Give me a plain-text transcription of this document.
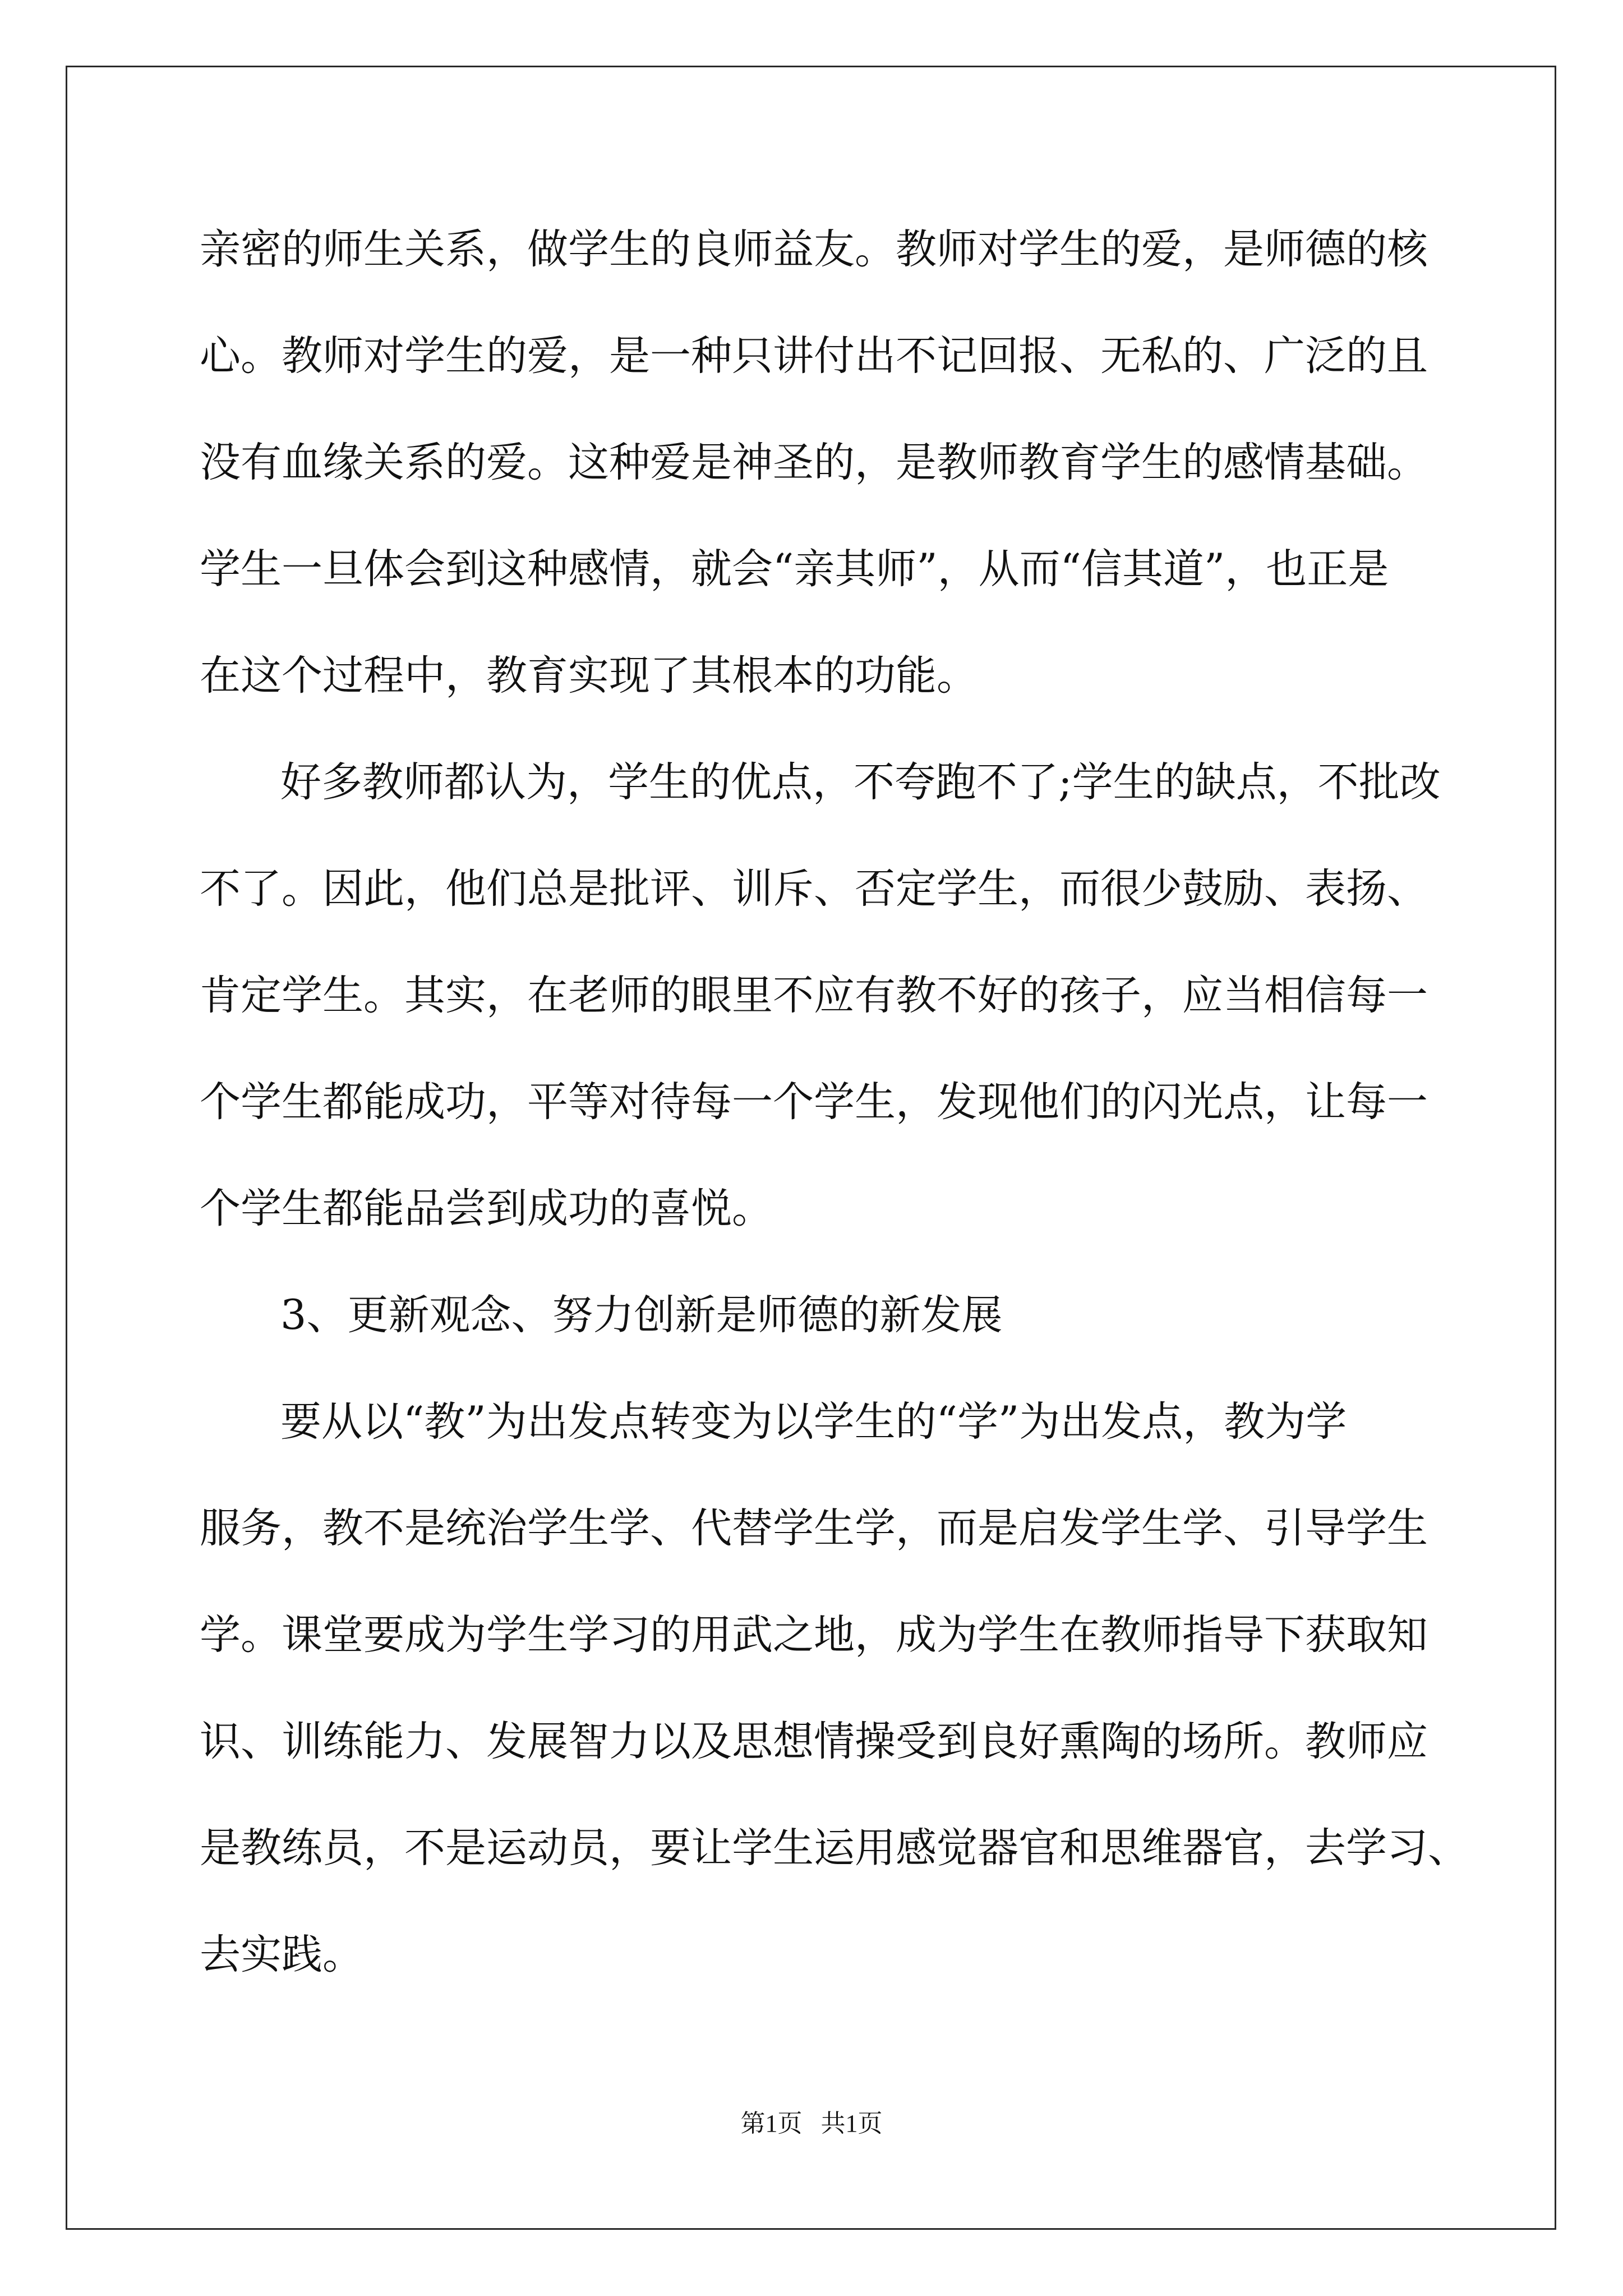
亲密的师生关系，做学生的良师益友。教师对学生的爱，是师德的核
心。教师对学生的爱，是一种只讲付出不记回报、无私的、广泛的且
没有血缘关系的爱。这种爱是神圣的，是教师教育学生的感情基础。
学生一旦体会到这种感情，就会“亲其师”，从而“信其道”，也正是
在这个过程中，教育实现了其根本的功能。
好多教师都认为，学生的优点，不夸跑不了;学生的缺点，不批改
不了。因此，他们总是批评、训斥、否定学生，而很少鼓励、表扬、
肯定学生。其实，在老师的眼里不应有教不好的孩子，应当相信每一
个学生都能成功，平等对待每一个学生，发现他们的闪光点，让每一
个学生都能品尝到成功的喜悦。
3、更新观念、努力创新是师德的新发展
要从以“教”为出发点转变为以学生的“学”为出发点，教为学
服务，教不是统治学生学、代替学生学，而是启发学生学、引导学生
学。课堂要成为学生学习的用武之地，成为学生在教师指导下获取知
识、训练能力、发展智力以及思想情操受到良好熏陶的场所。教师应
是教练员，不是运动员，要让学生运用感觉器官和思维器官，去学习、
去实践。
第1页   共1页
